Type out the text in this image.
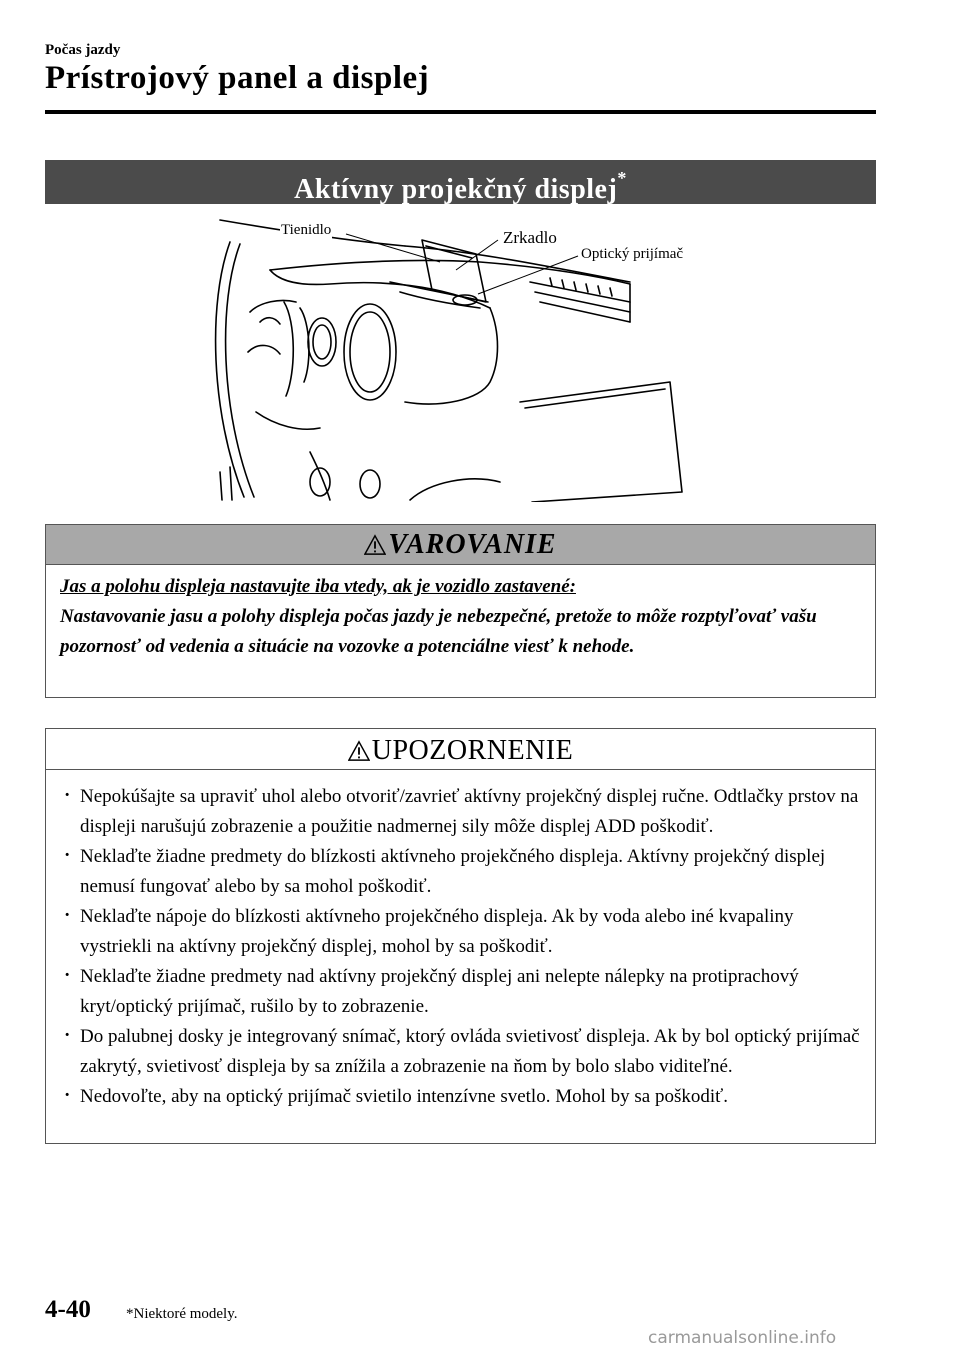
Počas jazdy
Prístrojový panel a displej
Aktívny projekčný displej*
Tienidlo	Zrkadlo
Optický prijímač
VAROVANIE
Jas a polohu displeja nastavujte iba vtedy, ak je vozidlo zastavené:
Nastavovanie jasu a polohy displeja počas jazdy je nebezpečné, pretože to môže rozptyľovať vašu pozornosť od vedenia a situácie na vozovke a potenciálne viesť k nehode.
UPOZORNENIE
· Nepokúšajte sa upraviť uhol alebo otvoriť/zavrieť aktívny projekčný displej ručne. Odtlačky prstov na displeji narušujú zobrazenie a použitie nadmernej sily môže displej ADD poškodiť.
· Neklaďte žiadne predmety do blízkosti aktívneho projekčného displeja. Aktívny projekčný displej nemusí fungovať alebo by sa mohol poškodiť.
· Neklaďte nápoje do blízkosti aktívneho projekčného displeja. Ak by voda alebo iné kvapaliny vystriekli na aktívny projekčný displej, mohol by sa poškodiť.
· Neklaďte žiadne predmety nad aktívny projekčný displej ani nelepte nálepky na protiprachový kryt/optický prijímač, rušilo by to zobrazenie.
· Do palubnej dosky je integrovaný snímač, ktorý ovláda svietivosť displeja. Ak by bol optický prijímač zakrytý, svietivosť displeja by sa znížila a zobrazenie na ňom by bolo slabo viditeľné.
· Nedovoľte, aby na optický prijímač svietilo intenzívne svetlo. Mohol by sa poškodiť.
4-40 *Niektoré modely.
carmanualsonline.info
